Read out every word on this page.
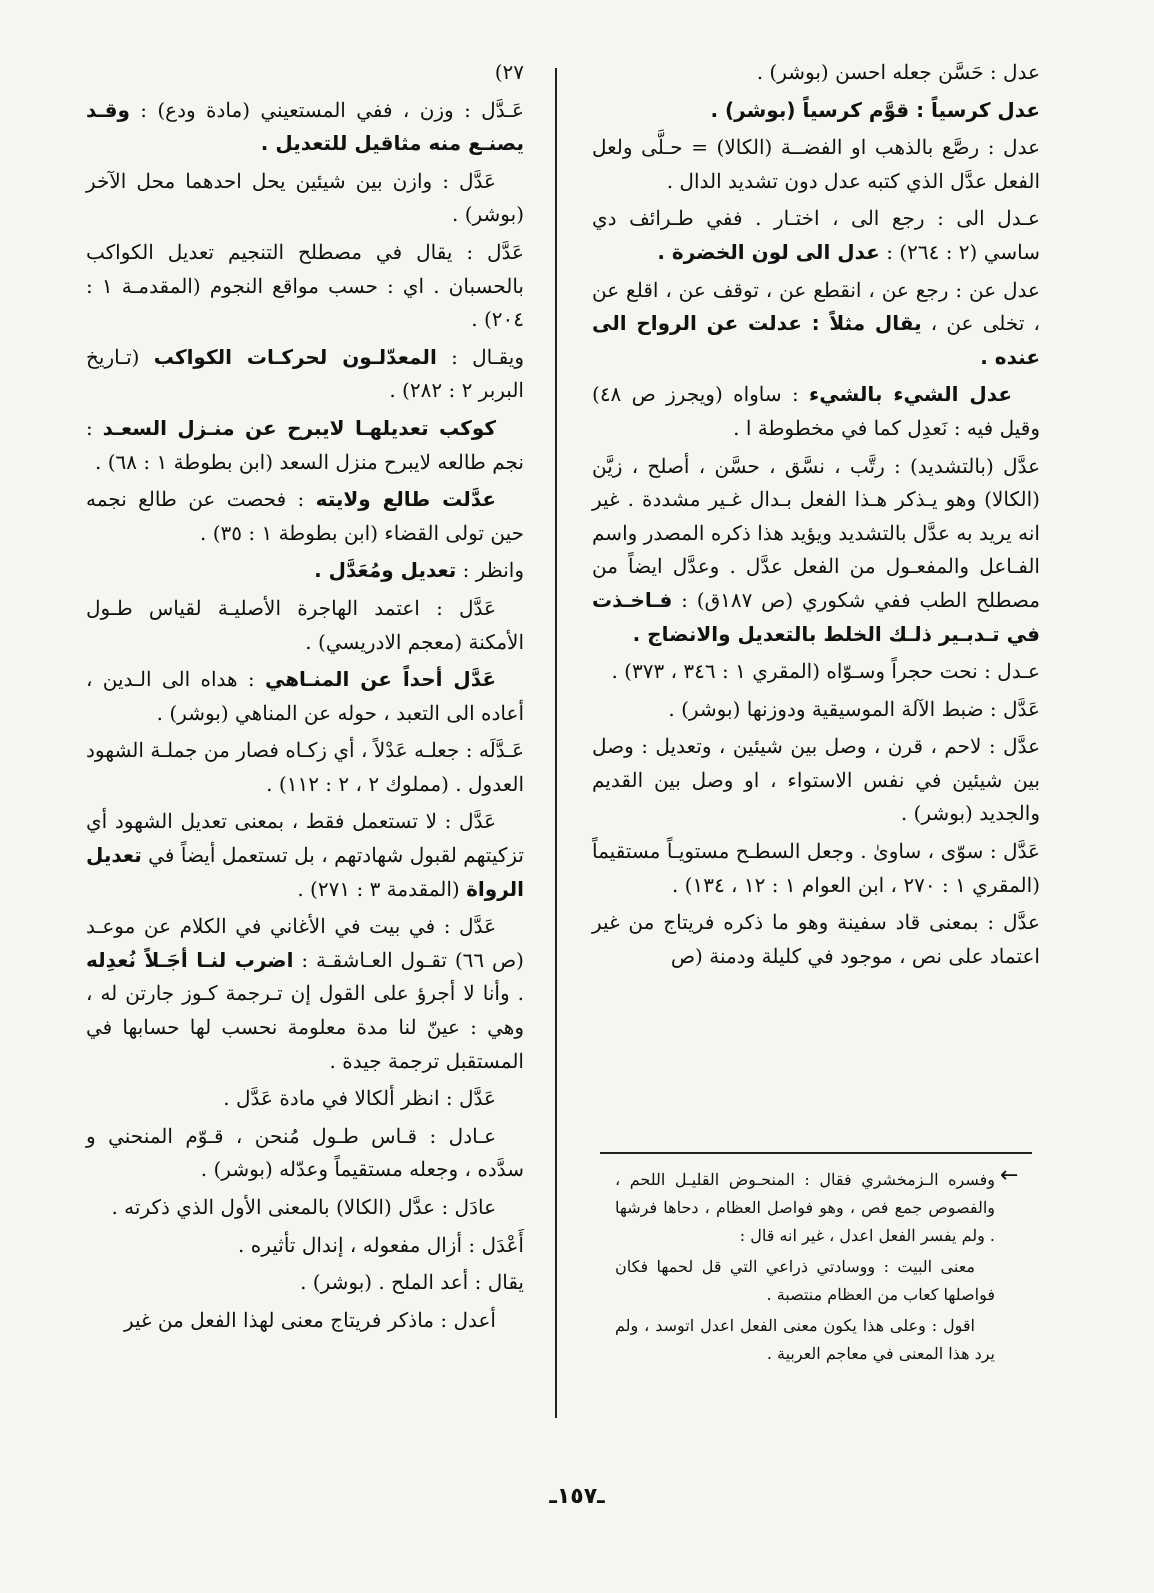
عدل : حَسَّن جعله احسن (بوشر) .

عدل كرسياً : قوَّم كرسياً (بوشر) .

عدل : رصَّع بالذهب او الفضــة (الكالا) = حـلَّى ولعل الفعل عدَّل الذي كتبه عدل دون تشديد الدال .

عـدل الى : رجع الى ، اختـار . ففي طـرائف دي ساسي (٢ : ٢٦٤) : عدل الى لون الخضرة .

عدل عن : رجع عن ، انقطع عن ، توقف عن ، اقلع عن ، تخلى عن ، يقال مثلاً : عدلت عن الرواح الى عنده .

عدل الشيء بالشيء : ساواه (ويجرز ص ٤٨) وقيل فيه : نَعدِل كما في مخطوطة ا .

عدَّل (بالتشديد) : رتَّب ، نسَّق ، حسَّن ، أصلح ، زيَّن (الكالا) وهو يـذكر هـذا الفعل بـدال غـير مشددة . غير انه يريد به عدَّل بالتشديد ويؤيد هذا ذكره المصدر واسم الفـاعل والمفعـول من الفعل عدَّل . وعدَّل ايضاً من مصطلح الطب ففي شكوري (ص ١٨٧ق) : فـاخـذت في تـدبـير ذلـك الخلط بالتعديل والانضاج .

عـدل : نحت حجراً وسـوّاه (المقري ١ : ٣٤٦ ، ٣٧٣) .

عَدَّل : ضبط الآلة الموسيقية ودوزنها (بوشر) .

عدَّل : لاحم ، قرن ، وصل بين شيئين ، وتعديل : وصل بين شيئين في نفس الاستواء ، او وصل بين القديم والجديد (بوشر) .

عَدَّل : سوّى ، ساوىٰ . وجعل السطـح مستويـاً مستقيماً (المقري ١ : ٢٧٠ ، ابن العوام ١ : ١٢ ، ١٣٤) .

عدَّل : بمعنى قاد سفينة وهو ما ذكره فريتاج من غير اعتماد على نص ، موجود في كليلة ودمنة (ص

٢٧)

عَـدَّل : وزن ، ففي المستعيني (مادة ودع) : وقـد يصنـع منه مثاقيل للتعديل .

عَدَّل : وازن بين شيئين يحل احدهما محل الآخر (بوشر) .

عَدَّل : يقال في مصطلح التنجيم تعديل الكواكب بالحسبان . اي : حسب مواقع النجوم (المقدمـة ١ : ٢٠٤) .

ويقـال : المعدّلـون لحركـات الكواكب (تـاريخ البربر ٢ : ٢٨٢) .

كوكب تعديلهـا لايبرح عن منـزل السعـد : نجم طالعه لايبرح منزل السعد (ابن بطوطة ١ : ٦٨) .

عدَّلت طالع ولايته : فحصت عن طالع نجمه حين تولى القضاء (ابن بطوطة ١ : ٣٥) .

وانظر : تعديل ومُعَدَّل .

عَدَّل : اعتمد الهاجرة الأصليـة لقياس طـول الأمكنة (معجم الادريسي) .

عَدَّل أحداً عن المنـاهي : هداه الى الـدين ، أعاده الى التعبد ، حوله عن المناهي (بوشر) .

عَـدَّلَه : جعلـه عَدْلاً ، أي زكـاه فصار من جملـة الشهود العدول . (مملوك ٢ ، ٢ : ١١٢) .

عَدَّل : لا تستعمل فقط ، بمعنى تعديل الشهود أي تزكيتهم لقبول شهادتهم ، بل تستعمل أيضاً في تعديل الرواة (المقدمة ٣ : ٢٧١) .

عَدَّل : في بيت في الأغاني في الكلام عن موعـد (ص ٦٦) تقـول العـاشقـة : اضرب لنـا أجَـلاً نُعدِله . وأنا لا أجرؤ على القول إن تـرجمة كـوز جارتن له ، وهي : عينّ لنا مدة معلومة نحسب لها حسابها في المستقبل ترجمة جيدة .

عَدَّل : انظر ألكالا في مادة عَدَّل .

عـادل : قـاس طـول مُنحن ، قـوّم المنحني و سدَّده ، وجعله مستقيماً وعدّله (بوشر) .

عادَل : عدَّل (الكالا) بالمعنى الأول الذي ذكرته .

أَعْدَل : أزال مفعوله ، إندال تأثيره .

يقال : أعد الملح . (بوشر) .

أعدل : ماذكر فريتاج معنى لهذا الفعل من غير

←

وفسره الـزمخشري فقال : المنحـوض القليـل اللحم ، والفصوص جمع فص ، وهو فواصل العظام ، دحاها فرشها . ولم يفسر الفعل اعدل ، غير انه قال :

معنى البيت : ووسادتي ذراعي التي قل لحمها فكان فواصلها كعاب من العظام منتصبة .

اقول : وعلى هذا يكون معنى الفعل اعدل اتوسد ، ولم يرد هذا المعنى في معاجم العربية .

ـ١٥٧ـ
